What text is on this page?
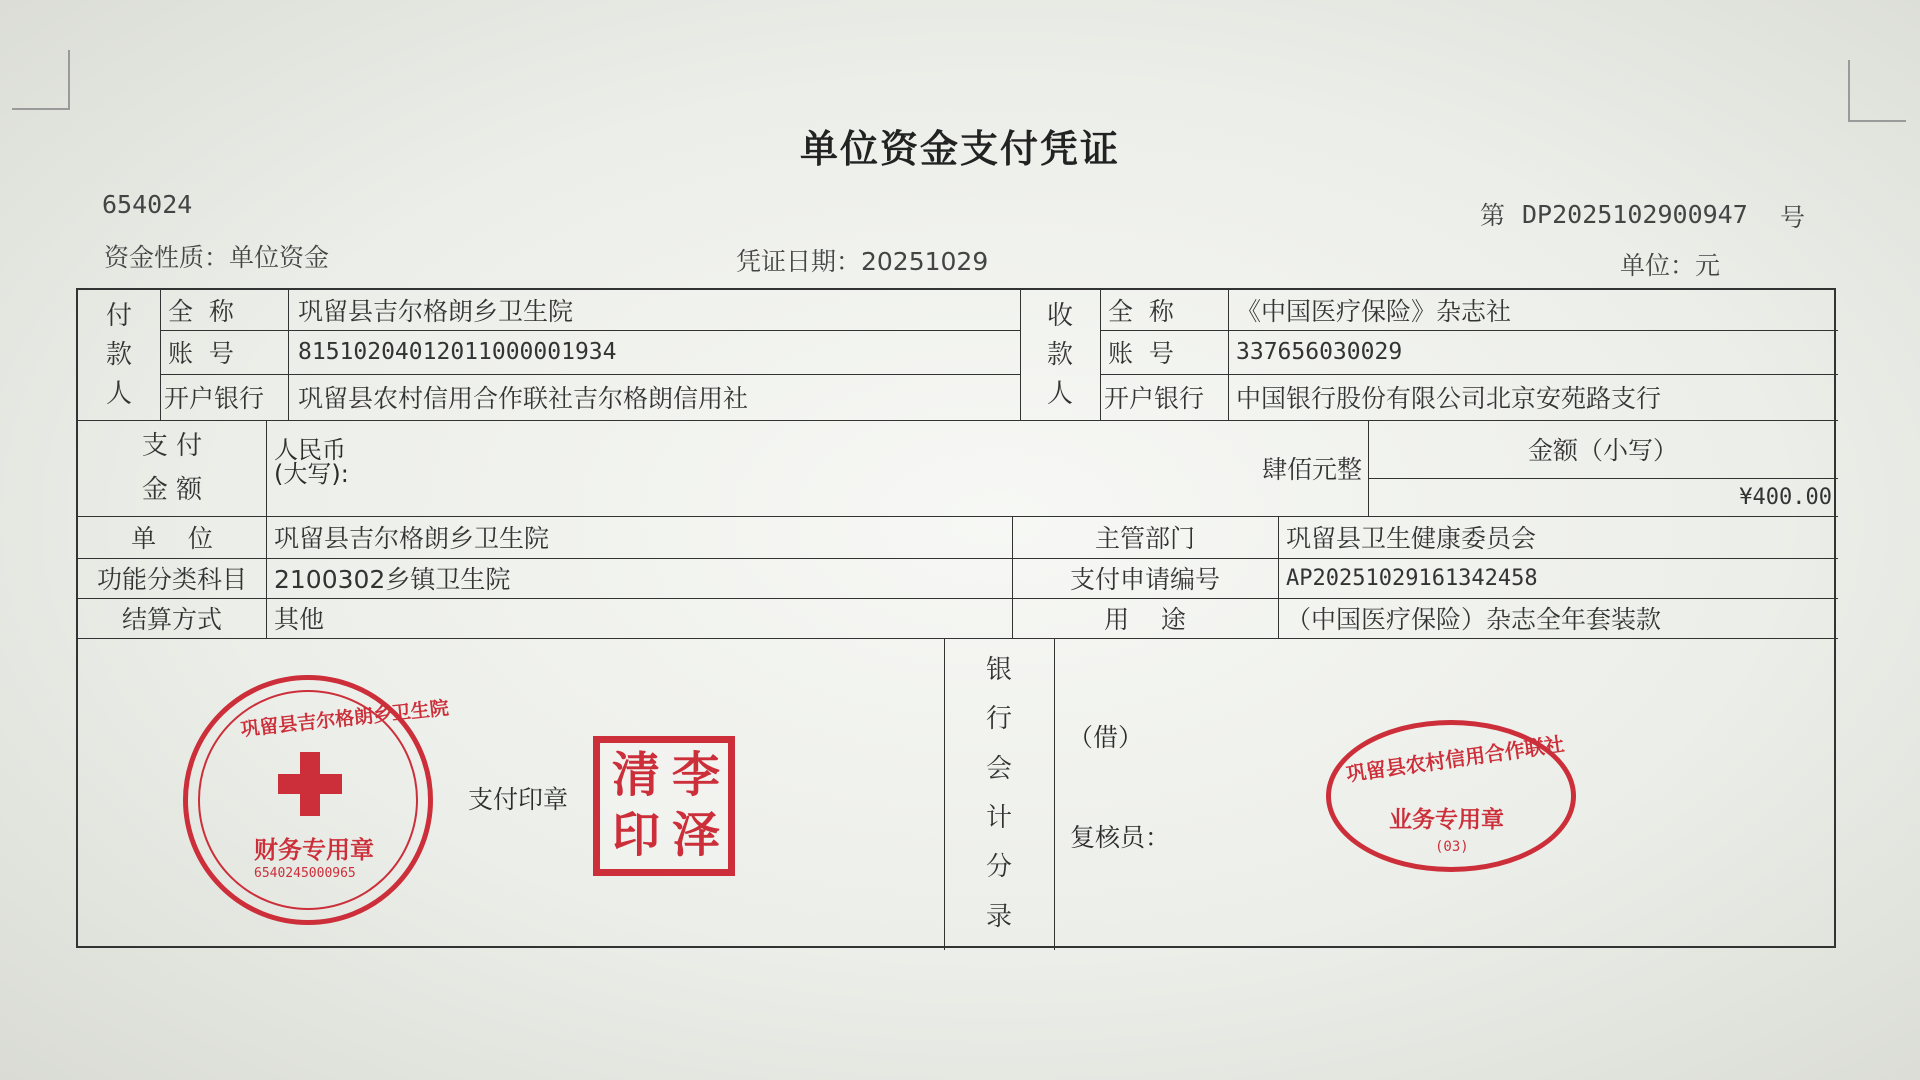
单位资金支付凭证
654024	第 DP2025102900947 号
资金性质：单位资金	凭证日期：20251029	单位：元
付
款
人
全  称	巩留县吉尔格朗乡卫生院
账  号	81510204012011000001934
开户银行	巩留县农村信用合作联社吉尔格朗信用社
收
款
人
全  称	《中国医疗保险》杂志社
账  号	337656030029
开户银行	中国银行股份有限公司北京安苑路支行
支 付
金 额
人民币
(大写):	肆佰元整
金额（小写）
¥400.00
单    位	巩留县吉尔格朗乡卫生院	主管部门	巩留县卫生健康委员会
功能分类科目	2100302乡镇卫生院	支付申请编号	AP2025102916134245​8
结算方式	其他	用    途	（中国医疗保险）杂志全年套装款
支付印章
银
行
会
计
分
录
（借）
复核员：
巩留县吉尔格朗乡卫生院
财务专用章
6540245000965
清 李
印 泽
巩留县农村信用合作联社
业务专用章
(03)
